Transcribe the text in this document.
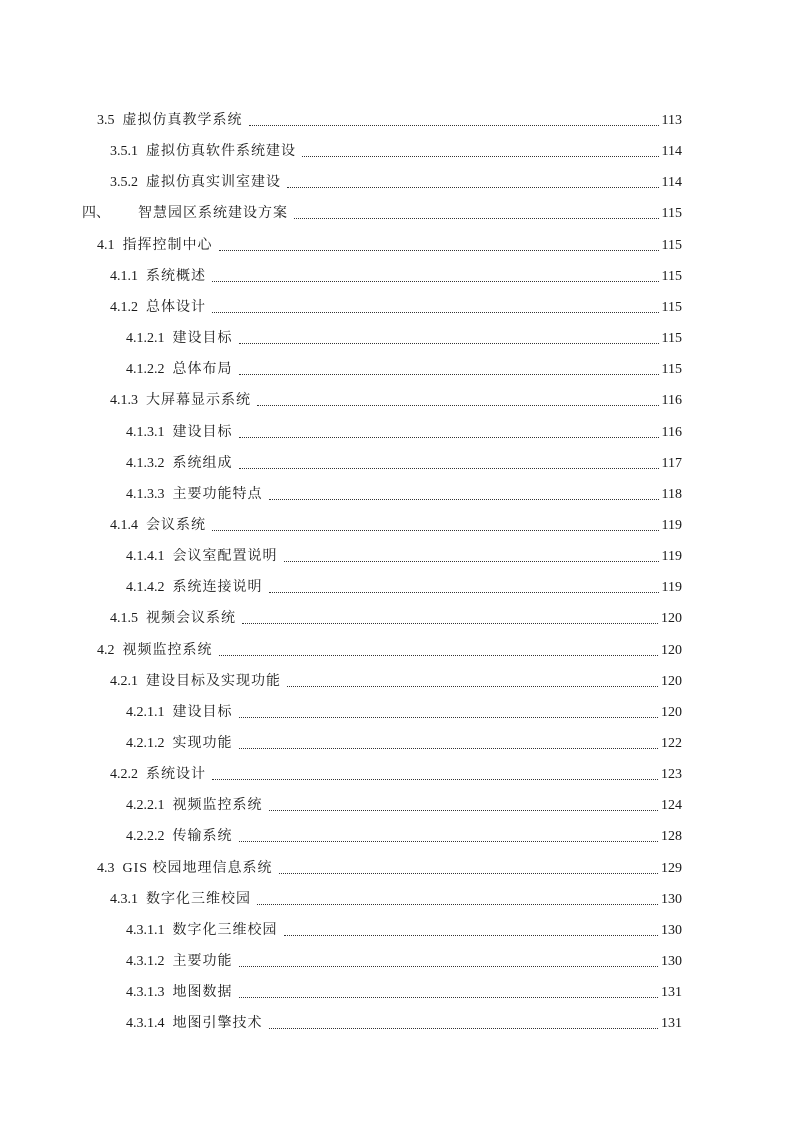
3.5 虚拟仿真教学系统	113
3.5.1 虚拟仿真软件系统建设	114
3.5.2 虚拟仿真实训室建设	114
四、 智慧园区系统建设方案	115
4.1 指挥控制中心	115
4.1.1 系统概述	115
4.1.2 总体设计	115
4.1.2.1 建设目标	115
4.1.2.2 总体布局	115
4.1.3 大屏幕显示系统	116
4.1.3.1 建设目标	116
4.1.3.2 系统组成	117
4.1.3.3 主要功能特点	118
4.1.4 会议系统	119
4.1.4.1 会议室配置说明	119
4.1.4.2 系统连接说明	119
4.1.5 视频会议系统	120
4.2 视频监控系统	120
4.2.1 建设目标及实现功能	120
4.2.1.1 建设目标	120
4.2.1.2 实现功能	122
4.2.2 系统设计	123
4.2.2.1 视频监控系统	124
4.2.2.2 传输系统	128
4.3 GIS 校园地理信息系统	129
4.3.1 数字化三维校园	130
4.3.1.1 数字化三维校园	130
4.3.1.2 主要功能	130
4.3.1.3 地图数据	131
4.3.1.4 地图引擎技术	131
